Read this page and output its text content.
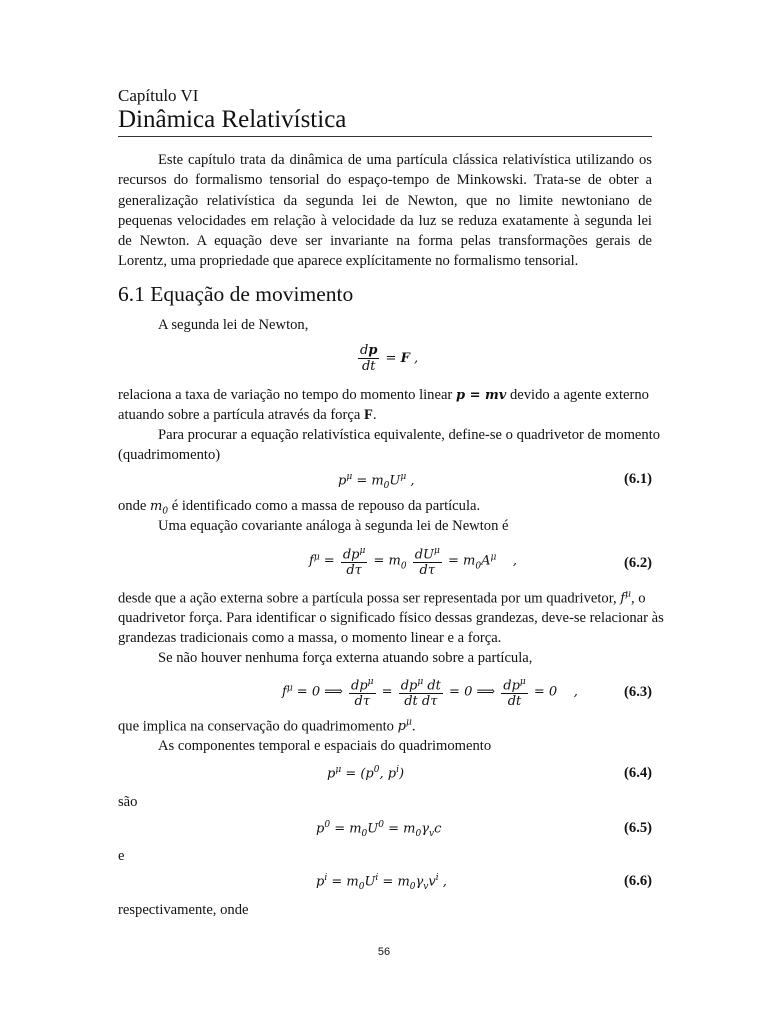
Capítulo VI
Dinâmica Relativística
Este capítulo trata da dinâmica de uma partícula clássica relativística utilizando os recursos do formalismo tensorial do espaço-tempo de Minkowski. Trata-se de obter a generalização relativística da segunda lei de Newton, que no limite newtoniano de pequenas velocidades em relação à velocidade da luz se reduza exatamente à segunda lei de Newton. A equação deve ser invariante na forma pelas transformações gerais de Lorentz, uma propriedade que aparece explícitamente no formalismo tensorial.
6.1 Equação de movimento
A segunda lei de Newton,
$\frac{dp}{dt} = F$ ,
relaciona a taxa de variação no tempo do momento linear p = mv devido a agente externo
atuando sobre a partícula através da força F.
Para procurar a equação relativística equivalente, define-se o quadrivetor de momento
(quadrimomento)
$p^\mu = m_0U^\mu$ ,	(6.1)
onde $m_0$ é identificado como a massa de repouso da partícula.
Uma equação covariante análoga à segunda lei de Newton é
$f^\mu = \frac{dp^\mu}{d\tau} = m_0 \frac{dU^\mu}{d\tau} = m_0A^\mu$    ,	(6.2)
desde que a ação externa sobre a partícula possa ser representada por um quadrivetor, $f^\mu$, o
quadrivetor força. Para identificar o significado físico dessas grandezas, deve-se relacionar às
grandezas tradicionais como a massa, o momento linear e a força.
Se não houver nenhuma força externa atuando sobre a partícula,
$f^\mu = 0$ ⟹ $\frac{dp^\mu}{d\tau} = \frac{dp^\mu dt}{\text{dt dτ}} = 0$ ⟹ $\frac{dp^\mu}{dt} = 0$    ,	(6.3)
que implica na conservação do quadrimomento $p^\mu$.
As componentes temporal e espaciais do quadrimomento
$p^\mu = (p^0$, $p^i$)	(6.4)
são
$p^0 = m_0U^0 = m_0\gamma_vc$	(6.5)
e
$p^i = m_0U^i = m_0\gamma_vv^i$ ,	(6.6)
respectivamente, onde
56
